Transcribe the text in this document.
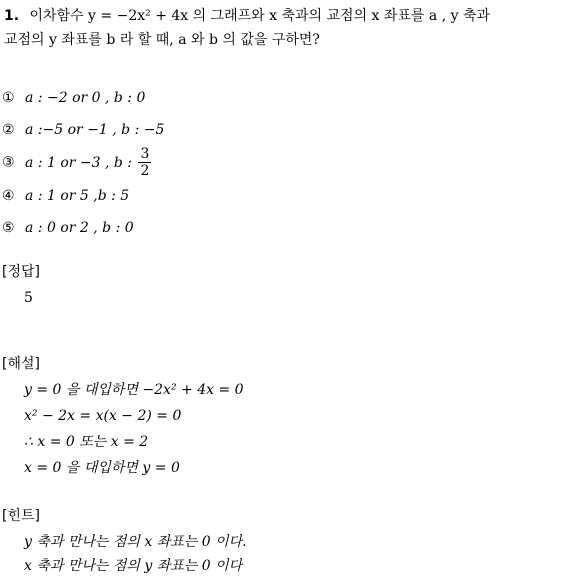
1. 이차함수 y = −2x² + 4x 의 그래프와 x 축과의 교점의 x 좌표를 a , y 축과
교점의 y 좌표를 b 라 할 때, a 와 b 의 값을 구하면?
① a : −2 or 0 , b : 0
② a :−5 or −1 , b : −5
③ a : 1 or −3 , b : $\frac{3}{2}$
④ a : 1 or 5 ,b : 5
⑤ a : 0 or 2 , b : 0
[정답]
5
[해설]
y = 0 을 대입하면 −2x² + 4x = 0
x² − 2x = x(x − 2) = 0
∴ x = 0 또는 x = 2
x = 0 을 대입하면 y = 0
[힌트]
y 축과 만나는 점의 x 좌표는 0 이다.
x 축과 만나는 점의 y 좌표는 0 이다
